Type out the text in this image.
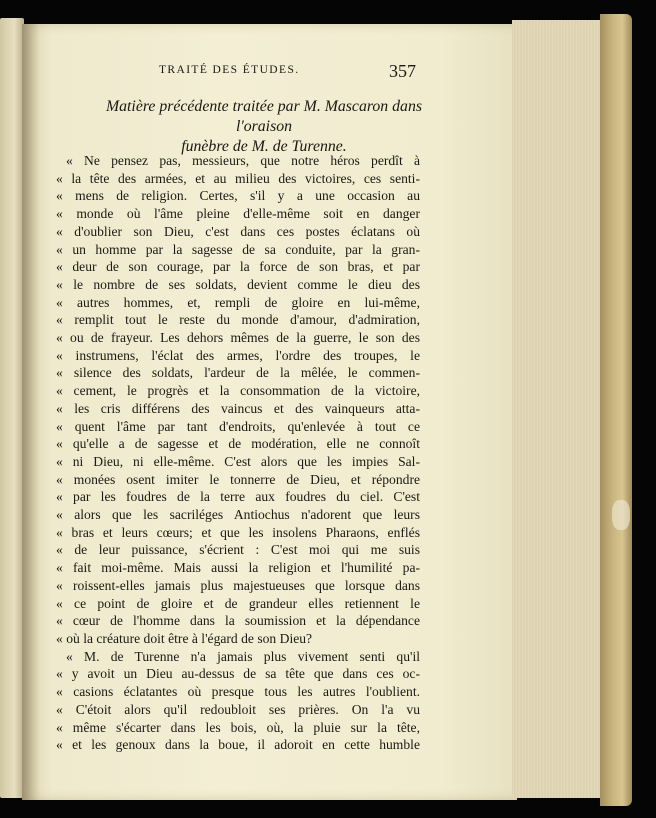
TRAITÉ DES ÉTUDES.	357
Matière précédente traitée par M. Mascaron dans l'oraison
funèbre de M. de Turenne.
« Ne pensez pas, messieurs, que notre héros perdît à
« la tête des armées, et au milieu des victoires, ces senti-
« mens de religion. Certes, s'il y a une occasion au
« monde où l'âme pleine d'elle-même soit en danger
« d'oublier son Dieu, c'est dans ces postes éclatans où
« un homme par la sagesse de sa conduite, par la gran-
« deur de son courage, par la force de son bras, et par
« le nombre de ses soldats, devient comme le dieu des
« autres hommes, et, rempli de gloire en lui-même,
« remplit tout le reste du monde d'amour, d'admiration,
« ou de frayeur. Les dehors mêmes de la guerre, le son des
« instrumens, l'éclat des armes, l'ordre des troupes, le
« silence des soldats, l'ardeur de la mêlée, le commen-
« cement, le progrès et la consommation de la victoire,
« les cris différens des vaincus et des vainqueurs atta-
« quent l'âme par tant d'endroits, qu'enlevée à tout ce
« qu'elle a de sagesse et de modération, elle ne connoît
« ni Dieu, ni elle-même. C'est alors que les impies Sal-
« monées osent imiter le tonnerre de Dieu, et répondre
« par les foudres de la terre aux foudres du ciel. C'est
« alors que les sacriléges Antiochus n'adorent que leurs
« bras et leurs cœurs; et que les insolens Pharaons, enflés
« de leur puissance, s'écrient : C'est moi qui me suis
« fait moi-même. Mais aussi la religion et l'humilité pa-
« roissent-elles jamais plus majestueuses que lorsque dans
« ce point de gloire et de grandeur elles retiennent le
« cœur de l'homme dans la soumission et la dépendance
« où la créature doit être à l'égard de son Dieu?
« M. de Turenne n'a jamais plus vivement senti qu'il
« y avoit un Dieu au-dessus de sa tête que dans ces oc-
« casions éclatantes où presque tous les autres l'oublient.
« C'étoit alors qu'il redoubloit ses prières. On l'a vu
« même s'écarter dans les bois, où, la pluie sur la tête,
« et les genoux dans la boue, il adoroit en cette humble
